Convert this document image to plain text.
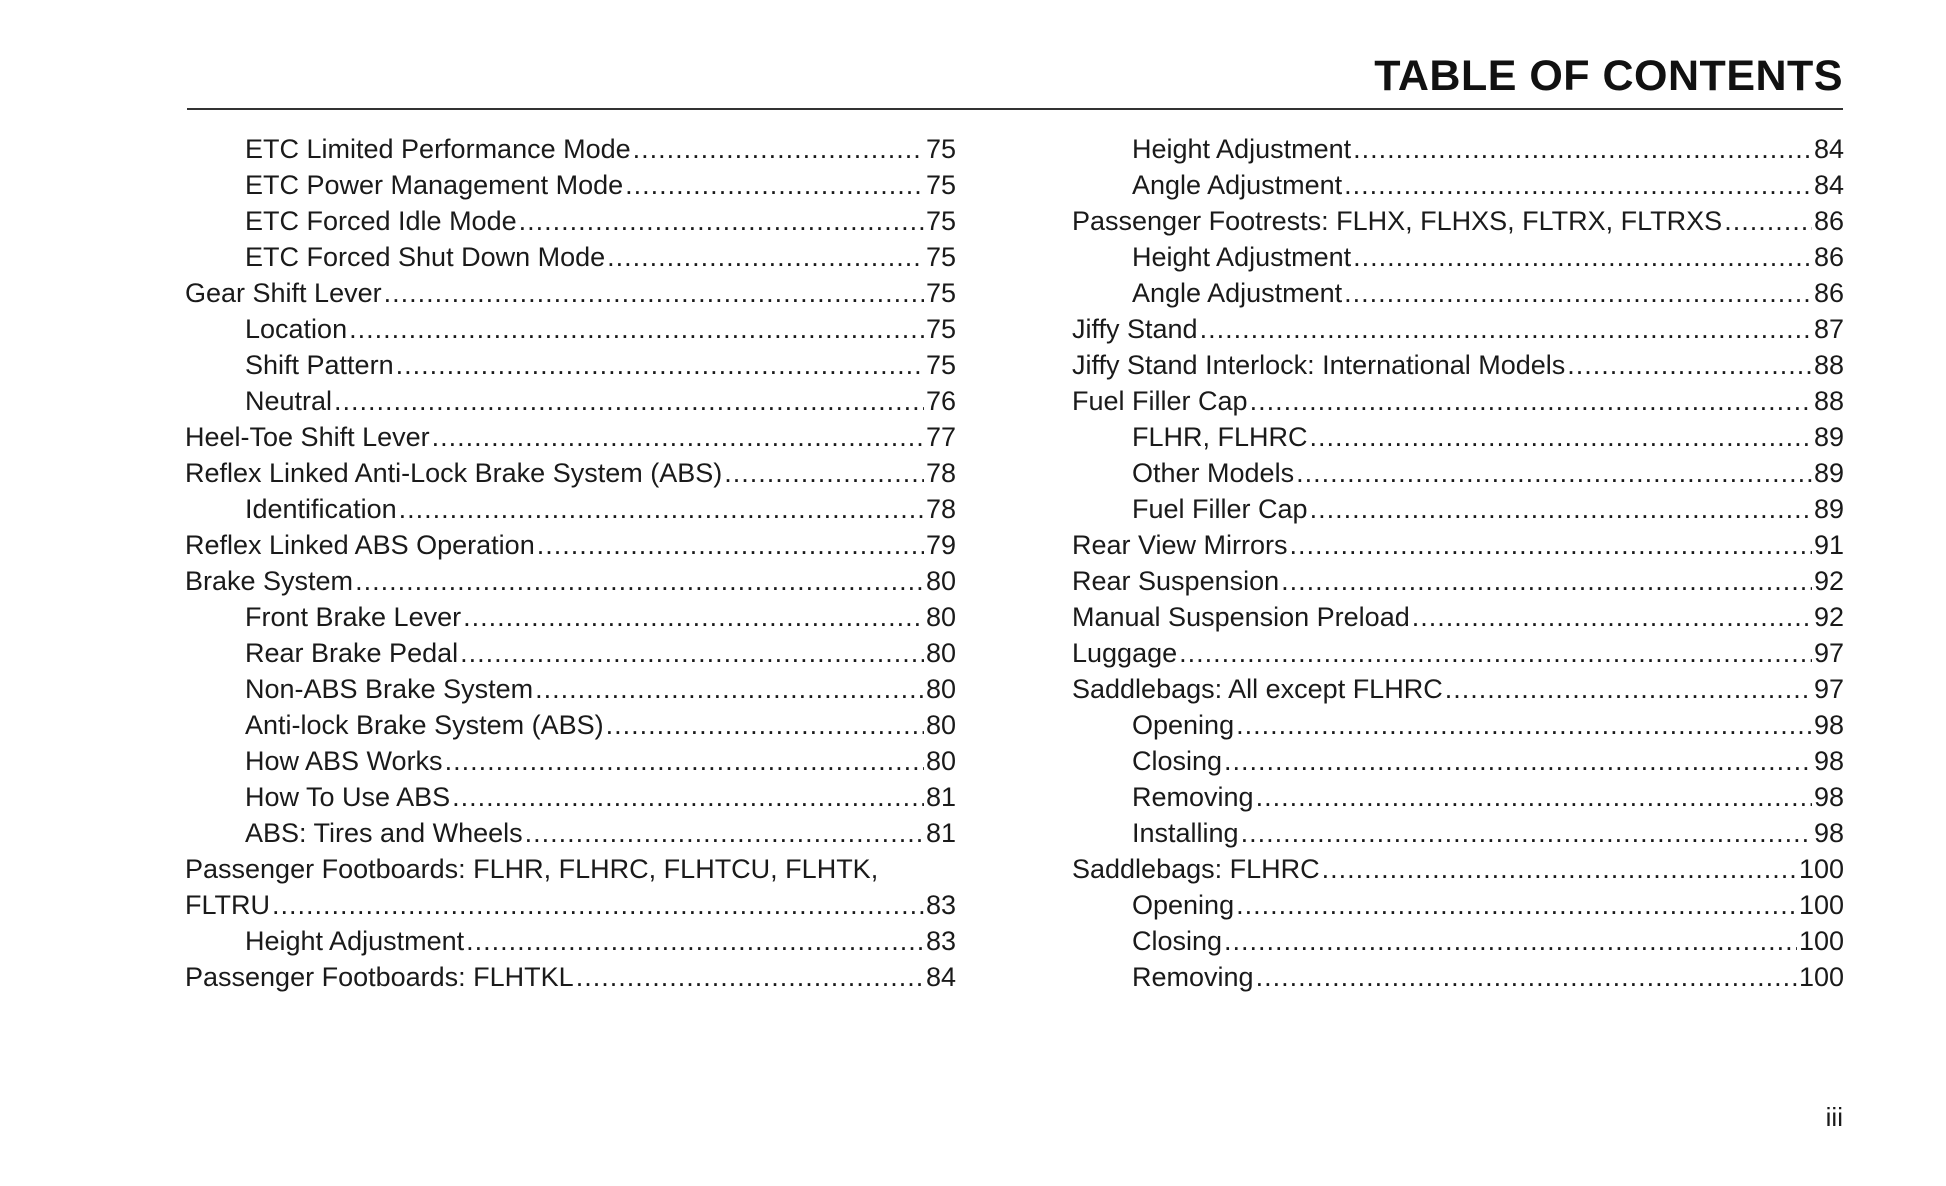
TABLE OF CONTENTS
ETC Limited Performance Mode .....	75
ETC Power Management Mode .....	75
ETC Forced Idle Mode .....	75
ETC Forced Shut Down Mode .....	75
Gear Shift Lever .....	75
Location .....	75
Shift Pattern .....	75
Neutral .....	76
Heel-Toe Shift Lever .....	77
Reflex Linked Anti-Lock Brake System (ABS) .....	78
Identification .....	78
Reflex Linked ABS Operation .....	79
Brake System .....	80
Front Brake Lever .....	80
Rear Brake Pedal .....	80
Non-ABS Brake System .....	80
Anti-lock Brake System (ABS) .....	80
How ABS Works .....	80
How To Use ABS .....	81
ABS: Tires and Wheels .....	81
Passenger Footboards: FLHR, FLHRC, FLHTCU, FLHTK,
FLTRU .....	83
Height Adjustment .....	83
Passenger Footboards: FLHTKL .....	84
Height Adjustment .....	84
Angle Adjustment .....	84
Passenger Footrests: FLHX, FLHXS, FLTRX, FLTRXS .....	86
Height Adjustment .....	86
Angle Adjustment .....	86
Jiffy Stand .....	87
Jiffy Stand Interlock: International Models .....	88
Fuel Filler Cap .....	88
FLHR, FLHRC .....	89
Other Models .....	89
Fuel Filler Cap .....	89
Rear View Mirrors .....	91
Rear Suspension .....	92
Manual Suspension Preload .....	92
Luggage .....	97
Saddlebags: All except FLHRC .....	97
Opening .....	98
Closing .....	98
Removing .....	98
Installing .....	98
Saddlebags: FLHRC .....	100
Opening .....	100
Closing .....	100
Removing .....	100
iii
